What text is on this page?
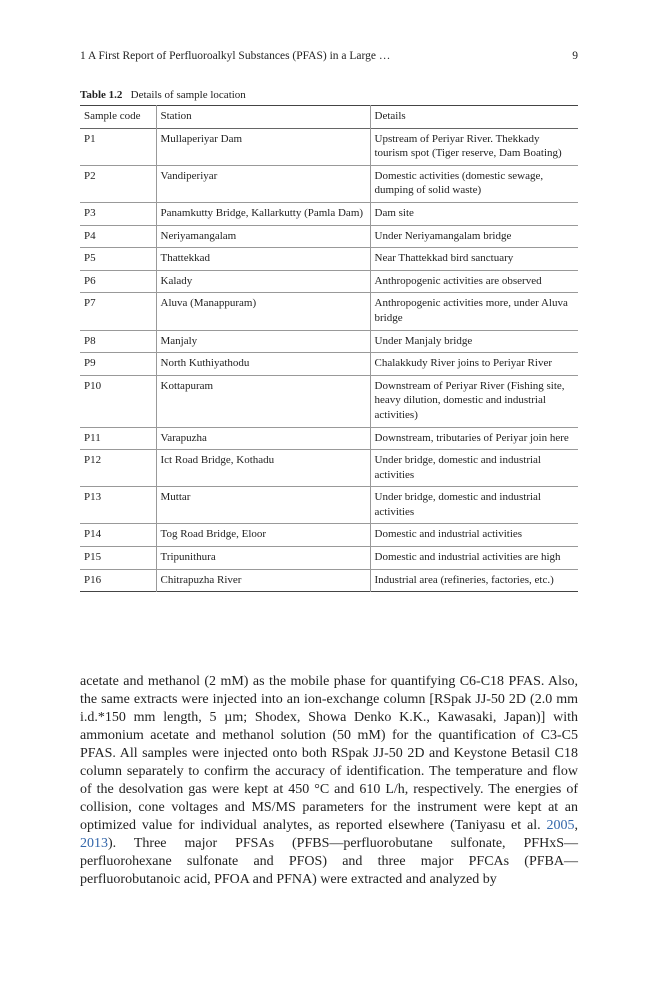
1 A First Report of Perfluoroalkyl Substances (PFAS) in a Large …	9
Table 1.2 Details of sample location
Sample code	Station	Details
P1	Mullaperiyar Dam	Upstream of Periyar River. Thekkady tourism spot (Tiger reserve, Dam Boating)
P2	Vandiperiyar	Domestic activities (domestic sewage, dumping of solid waste)
P3	Panamkutty Bridge, Kallarkutty (Pamla Dam)	Dam site
P4	Neriyamangalam	Under Neriyamangalam bridge
P5	Thattekkad	Near Thattekkad bird sanctuary
P6	Kalady	Anthropogenic activities are observed
P7	Aluva (Manappuram)	Anthropogenic activities more, under Aluva bridge
P8	Manjaly	Under Manjaly bridge
P9	North Kuthiyathodu	Chalakkudy River joins to Periyar River
P10	Kottapuram	Downstream of Periyar River (Fishing site, heavy dilution, domestic and industrial activities)
P11	Varapuzha	Downstream, tributaries of Periyar join here
P12	Ict Road Bridge, Kothadu	Under bridge, domestic and industrial activities
P13	Muttar	Under bridge, domestic and industrial activities
P14	Tog Road Bridge, Eloor	Domestic and industrial activities
P15	Tripunithura	Domestic and industrial activities are high
P16	Chitrapuzha River	Industrial area (refineries, factories, etc.)
acetate and methanol (2 mM) as the mobile phase for quantifying C6-C18 PFAS. Also, the same extracts were injected into an ion-exchange column [RSpak JJ-50 2D (2.0 mm i.d.*150 mm length, 5 µm; Shodex, Showa Denko K.K., Kawasaki, Japan)] with ammonium acetate and methanol solution (50 mM) for the quantification of C3-C5 PFAS. All samples were injected onto both RSpak JJ-50 2D and Keystone Betasil C18 column separately to confirm the accuracy of identification. The temperature and flow of the desolvation gas were kept at 450 °C and 610 L/h, respectively. The energies of collision, cone voltages and MS/MS parameters for the instrument were kept at an optimized value for individual analytes, as reported elsewhere (Taniyasu et al. 2005, 2013). Three major PFSAs (PFBS—perfluorobutane sulfonate, PFHxS—perfluorohexane sulfonate and PFOS) and three major PFCAs (PFBA—perfluorobutanoic acid, PFOA and PFNA) were extracted and analyzed by
